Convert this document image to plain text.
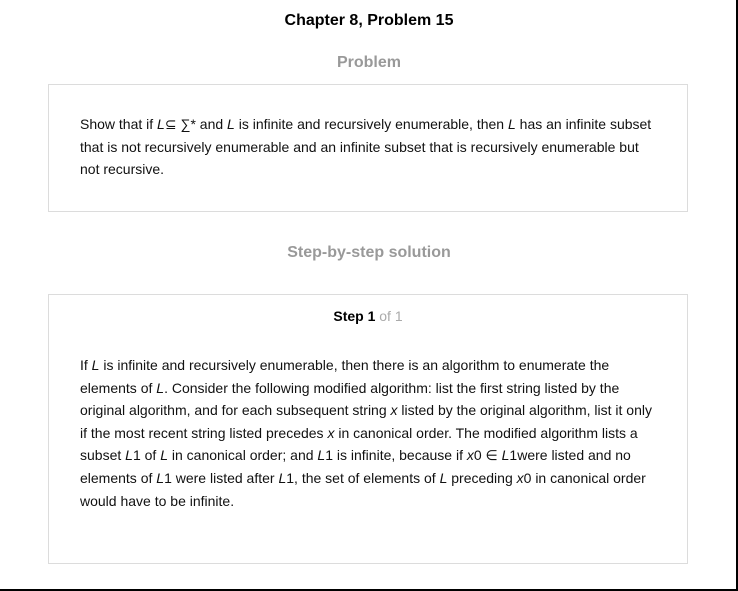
Chapter 8, Problem 15
Problem
Show that if L⊆ ∑* and L is infinite and recursively enumerable, then L has an infinite subset that is not recursively enumerable and an infinite subset that is recursively enumerable but not recursive.
Step-by-step solution
Step 1 of 1
If L is infinite and recursively enumerable, then there is an algorithm to enumerate the elements of L. Consider the following modified algorithm: list the first string listed by the original algorithm, and for each subsequent string x listed by the original algorithm, list it only if the most recent string listed precedes x in canonical order. The modified algorithm lists a subset L1 of L in canonical order; and L1 is infinite, because if x0 ∈ L1were listed and no elements of L1 were listed after L1, the set of elements of L preceding x0 in canonical order would have to be infinite.
